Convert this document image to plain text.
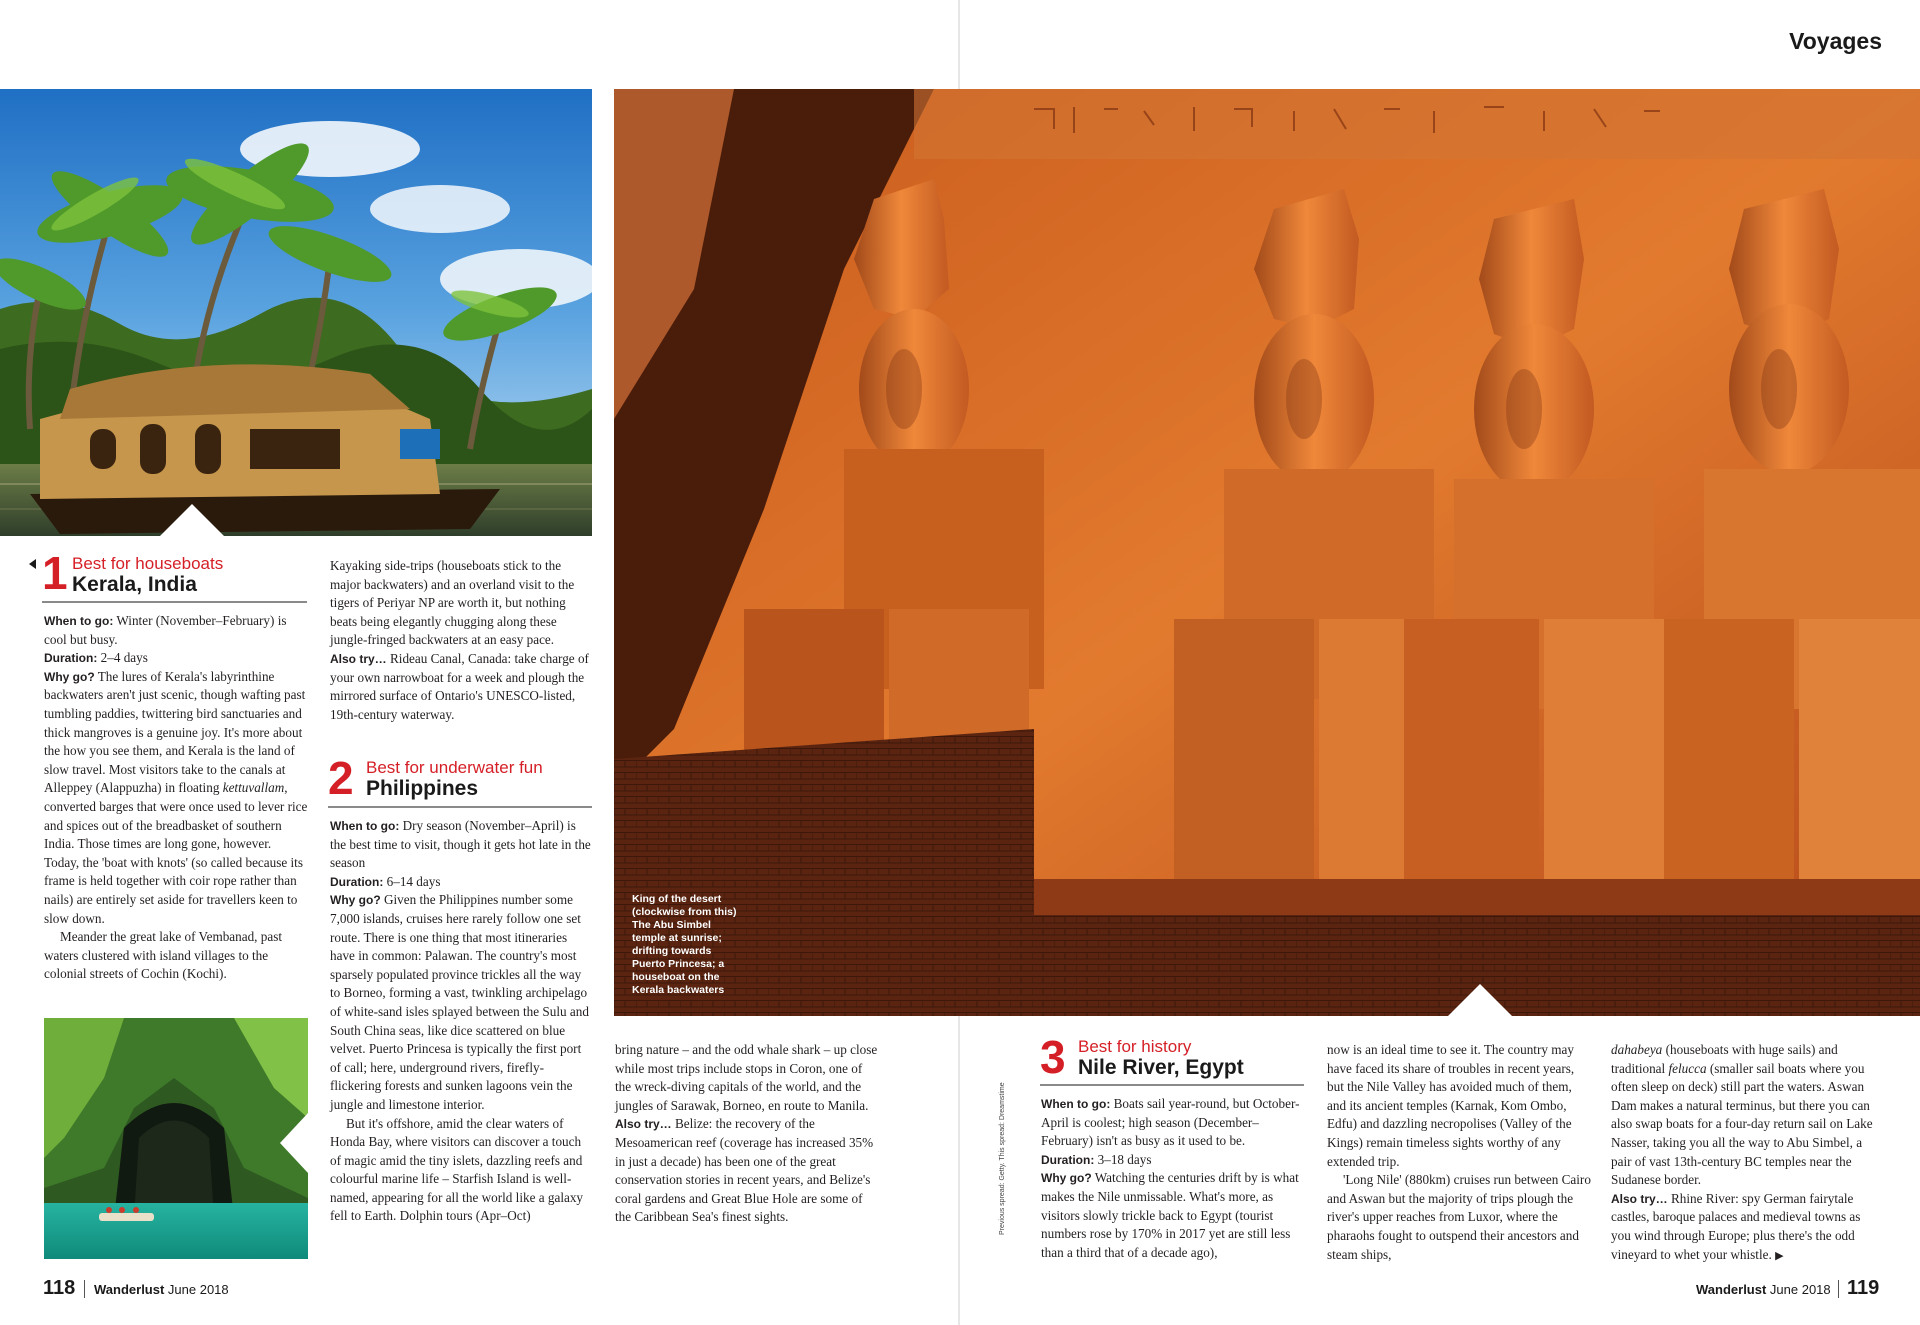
Voyages
King of the desert (clockwise from this) The Abu Simbel temple at sunrise; drifting towards Puerto Princesa; a houseboat on the Kerala backwaters
1 Best for houseboats
Kerala, India

When to go: Winter (November–February) is cool but busy.

Duration: 2–4 days

Why go? The lures of Kerala's labyrinthine backwaters aren't just scenic, though wafting past tumbling paddies, twittering bird sanctuaries and thick mangroves is a genuine joy. It's more about the how you see them, and Kerala is the land of slow travel. Most visitors take to the canals at Alleppey (Alappuzha) in floating kettuvallam, converted barges that were once used to lever rice and spices out of the breadbasket of southern India. Those times are long gone, however. Today, the 'boat with knots' (so called because its frame is held together with coir rope rather than nails) are entirely set aside for travellers keen to slow down.

Meander the great lake of Vembanad, past waters clustered with island villages to the colonial streets of Cochin (Kochi).

Kayaking side-trips (houseboats stick to the major backwaters) and an overland visit to the tigers of Periyar NP are worth it, but nothing beats being elegantly chugging along these jungle-fringed backwaters at an easy pace.

Also try… Rideau Canal, Canada: take charge of your own narrowboat for a week and plough the mirrored surface of Ontario's UNESCO-listed, 19th-century waterway.

2 Best for underwater fun
Philippines

When to go: Dry season (November–April) is the best time to visit, though it gets hot late in the season

Duration: 6–14 days

Why go? Given the Philippines number some 7,000 islands, cruises here rarely follow one set route. There is one thing that most itineraries have in common: Palawan. The country's most sparsely populated province trickles all the way to Borneo, forming a vast, twinkling archipelago of white-sand isles splayed between the Sulu and South China seas, like dice scattered on blue velvet. Puerto Princesa is typically the first port of call; here, underground rivers, firefly-flickering forests and sunken lagoons vein the jungle and limestone interior.

But it's offshore, amid the clear waters of Honda Bay, where visitors can discover a touch of magic amid the tiny islets, dazzling reefs and colourful marine life – Starfish Island is well-named, appearing for all the world like a galaxy fell to Earth. Dolphin tours (Apr–Oct)

bring nature – and the odd whale shark – up close while most trips include stops in Coron, one of the wreck-diving capitals of the world, and the jungles of Sarawak, Borneo, en route to Manila.

Also try… Belize: the recovery of the Mesoamerican reef (coverage has increased 35% in just a decade) has been one of the great conservation stories in recent years, and Belize's coral gardens and Great Blue Hole are some of the Caribbean Sea's finest sights.	Previous spread: Getty. This spread: Dreamstime
3 Best for history
Nile River, Egypt

When to go: Boats sail year-round, but October-April is coolest; high season (December–February) isn't as busy as it used to be.

Duration: 3–18 days

Why go? Watching the centuries drift by is what makes the Nile unmissable. What's more, as visitors slowly trickle back to Egypt (tourist numbers rose by 170% in 2017 yet are still less than a third that of a decade ago),

now is an ideal time to see it. The country may have faced its share of troubles in recent years, but the Nile Valley has avoided much of them, and its ancient temples (Karnak, Kom Ombo, Edfu) and dazzling necropolises (Valley of the Kings) remain timeless sights worthy of any extended trip.

'Long Nile' (880km) cruises run between Cairo and Aswan but the majority of trips plough the river's upper reaches from Luxor, where the pharaohs fought to outspend their ancestors and steam ships,

dahabeya (houseboats with huge sails) and traditional felucca (smaller sail boats where you often sleep on deck) still part the waters. Aswan Dam makes a natural terminus, but there you can also swap boats for a four-day return sail on Lake Nasser, taking you all the way to Abu Simbel, a pair of vast 13th-century BC temples near the Sudanese border.

Also try… Rhine River: spy German fairytale castles, baroque palaces and medieval towns as you wind through Europe; plus there's the odd vineyard to whet your whistle. ▶

118 Wanderlust June 2018	Wanderlust June 2018 119
